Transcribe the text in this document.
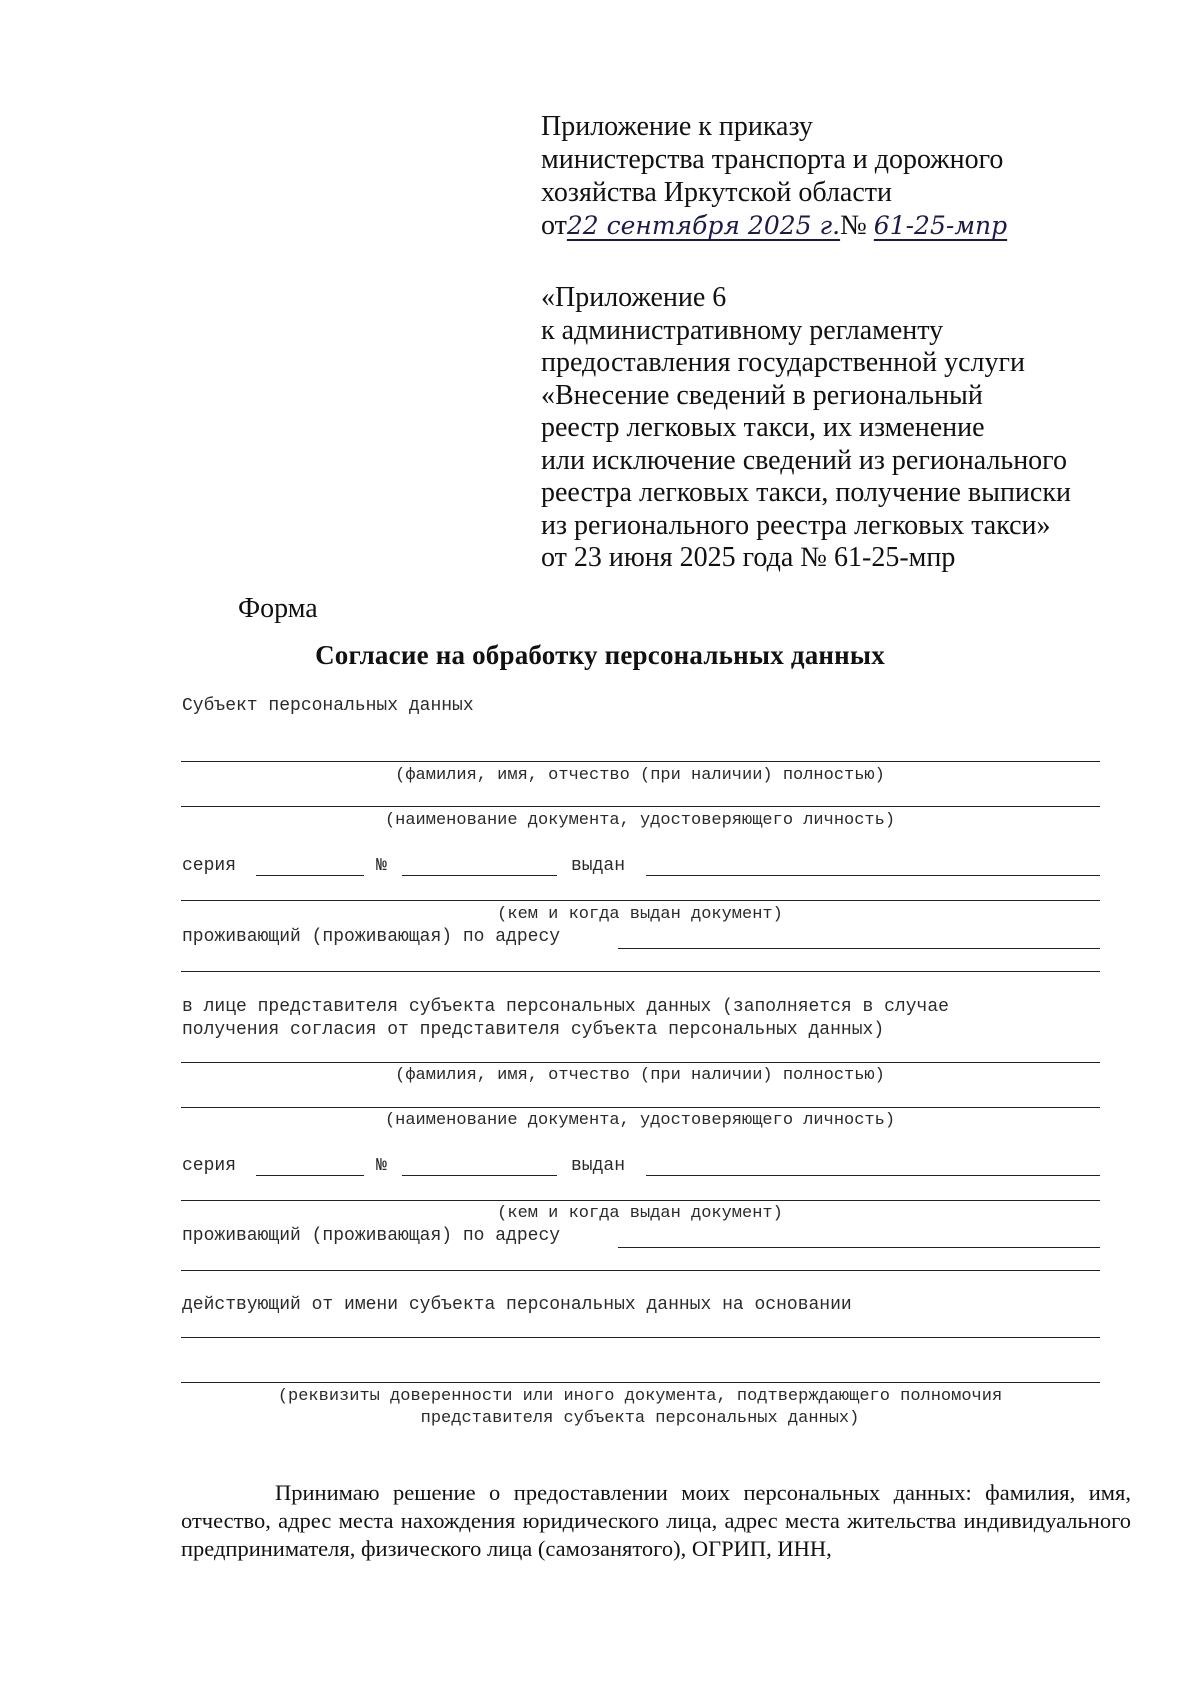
Приложение к приказу
министерства транспорта и дорожного
хозяйства Иркутской области
от22 сентября 2025 г.№ 61-25-мпр
«Приложение 6
к административному регламенту
предоставления государственной услуги
«Внесение сведений в региональный
реестр легковых такси, их изменение
или исключение сведений из регионального
реестра легковых такси, получение выписки
из регионального реестра легковых такси»
от 23 июня 2025 года № 61-25-мпр
Форма
Согласие на обработку персональных данных
Субъект персональных данных
(фамилия, имя, отчество (при наличии) полностью)
(наименование документа, удостоверяющего личность)
серия	№	выдан
(кем и когда выдан документ)
проживающий (проживающая) по адресу
в лице представителя субъекта персональных данных (заполняется в случае
получения согласия от представителя субъекта персональных данных)
(фамилия, имя, отчество (при наличии) полностью)
(наименование документа, удостоверяющего личность)
серия	№	выдан
(кем и когда выдан документ)
проживающий (проживающая) по адресу
действующий от имени субъекта персональных данных на основании
(реквизиты доверенности или иного документа, подтверждающего полномочия
представителя субъекта персональных данных)
Принимаю решение о предоставлении моих персональных данных: фамилия, имя, отчество, адрес места нахождения юридического лица, адрес места жительства индивидуального предпринимателя, физического лица (самозанятого), ОГРИП, ИНН,
